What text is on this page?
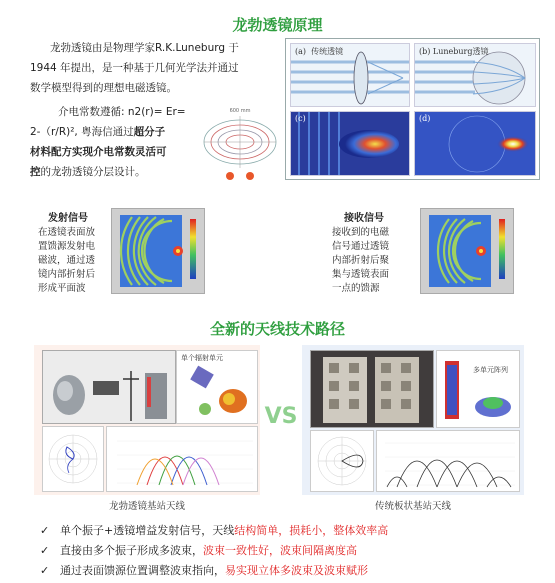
龙勃透镜原理
龙勃透镜由是物理学家R.K.Luneburg 于
1944 年提出，是一种基于几何光学法并通过
数学模型得到的理想电磁透镜。
介电常数遵循: n2(r)= Er=
2-（r/R)², 粤海信通过超分子
材料配方实现介电常数灵活可
控的龙勃透镜分层设计。
600 mm
(a) 传统透镜	(b) Luneburg透镜
(c)	(d)
发射信号
在透镜表面放
置馈源发射电
磁波，通过透
镜内部折射后
形成平面波
接收信号
接收到的电磁
信号通过透镜
内部折射后聚
集与透镜表面
一点的馈源
全新的天线技术路径
单个辐射单元
VS
多单元阵列
龙勃透镜基站天线	传统板状基站天线
✓ 单个振子+透镜增益发射信号，天线结构简单，损耗小，整体效率高
✓ 直接由多个振子形成多波束，波束一致性好，波束间隔离度高
✓ 通过表面馈源位置调整波束指向，易实现立体多波束及波束赋形
